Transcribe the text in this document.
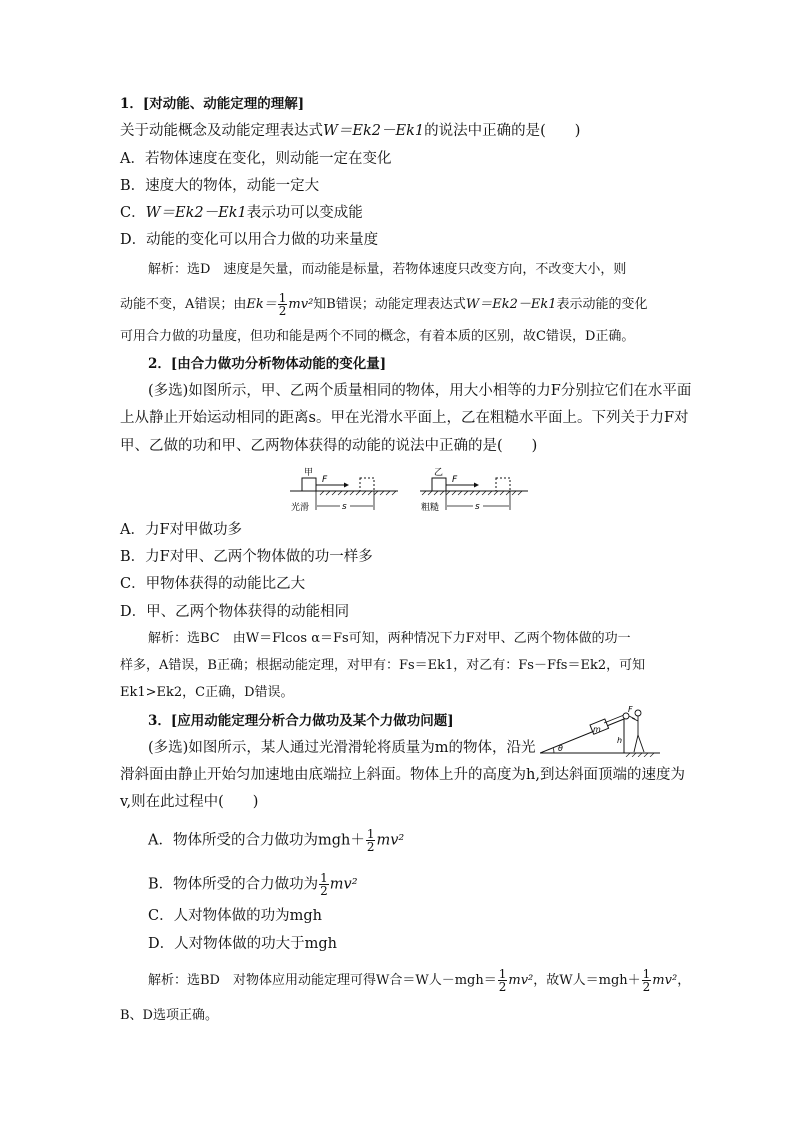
1．[对动能、动能定理的理解]
关于动能概念及动能定理表达式W＝Ek2－Ek1的说法中正确的是(　　)
A．若物体速度在变化，则动能一定在变化
B．速度大的物体，动能一定大
C．W＝Ek2－Ek1表示功可以变成能
D．动能的变化可以用合力做的功来量度
解析：选D　速度是矢量，而动能是标量，若物体速度只改变方向，不改变大小，则
动能不变，A错误；由$Ek= \frac{1}{2} mv^2$知B错误；动能定理表达式W＝Ek2－Ek1表示动能的变化
可用合力做的功量度，但功和能是两个不同的概念，有着本质的区别，故C错误，D正确。
2．[由合力做功分析物体动能的变化量]
(多选)如图所示，甲、乙两个质量相同的物体，用大小相等的力F分别拉它们在水平面
上从静止开始运动相同的距离s。甲在光滑水平面上，乙在粗糙水平面上。下列关于力F对
甲、乙做的功和甲、乙两物体获得的动能的说法中正确的是(　　)
甲
F
光滑	s
乙
F
粗糙	s
A．力F对甲做功多
B．力F对甲、乙两个物体做的功一样多
C．甲物体获得的动能比乙大
D．甲、乙两个物体获得的动能相同
解析：选BC　由W＝Flcos α＝Fs可知，两种情况下力F对甲、乙两个物体做的功一
样多，A错误，B正确；根据动能定理，对甲有：Fs＝Ek1，对乙有：Fs－Ffs＝Ek2，可知
Ek1>Ek2，C正确，D错误。
3．[应用动能定理分析合力做功及某个力做功问题]
(多选)如图所示，某人通过光滑滑轮将质量为m的物体，沿光	θ
m
F
h
滑斜面由静止开始匀加速地由底端拉上斜面。物体上升的高度为h,到达斜面顶端的速度为
v,则在此过程中(　　)
A．物体所受的合力做功为$mgh+ \frac{1}{2} mv^2$
B．物体所受的合力做功为 $\frac{1}{2} mv^2$
C．人对物体做的功为mgh
D．人对物体做的功大于mgh
解析：选BD　对物体应用动能定理可得W合＝W人$-mgh= \frac{1}{2} mv^2$，故W人$=mgh+ \frac{1}{2} mv^2$，
B、D选项正确。
